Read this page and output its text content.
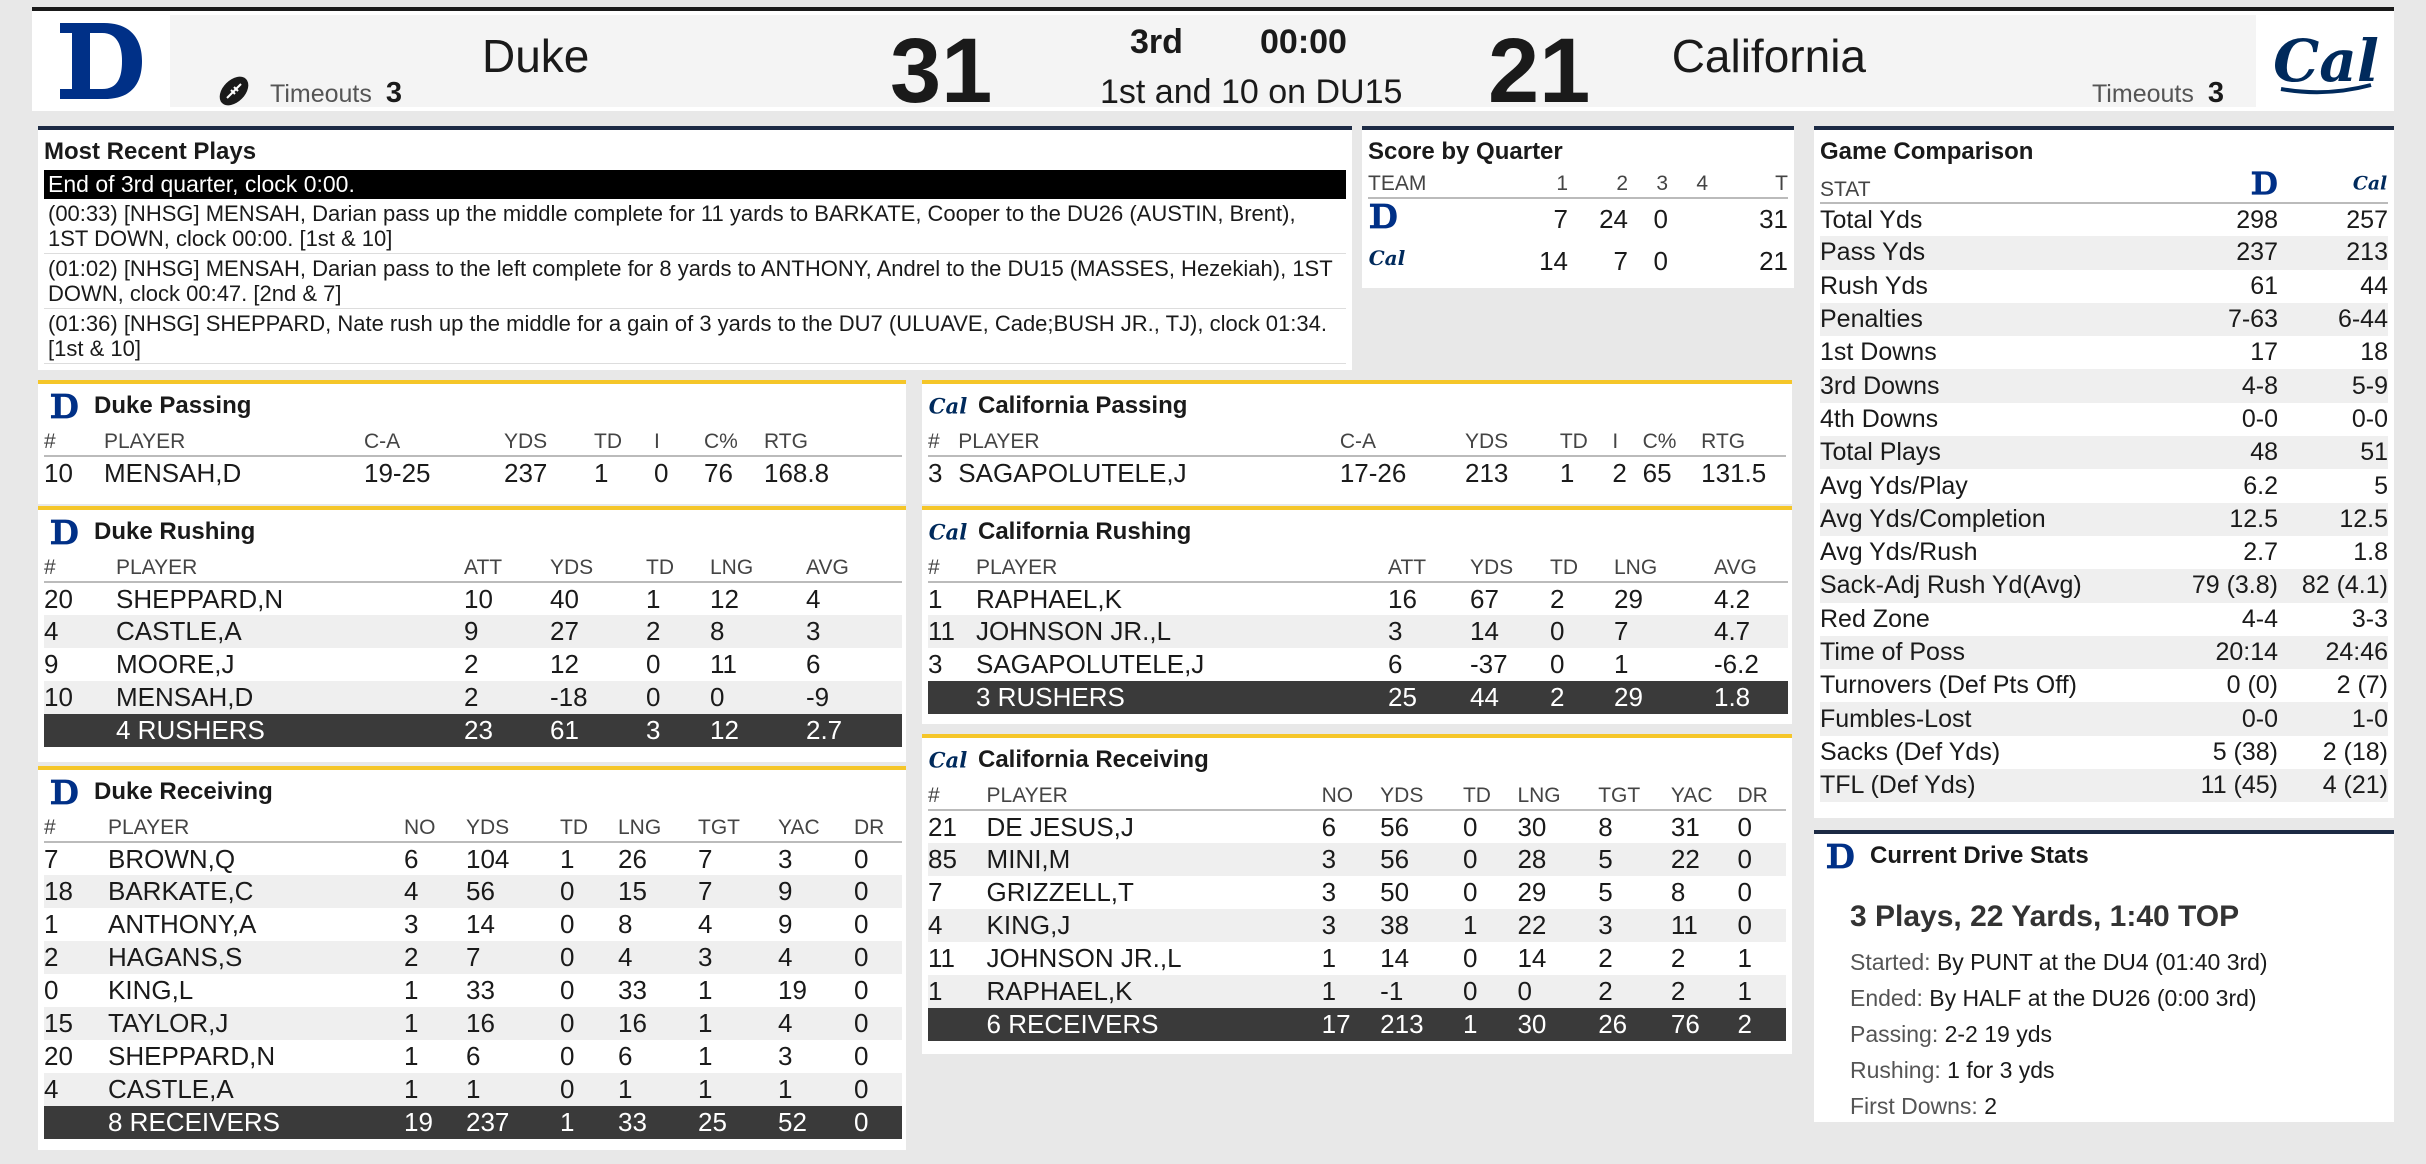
Timeouts 3
Duke	31	3rd 00:00
1st and 10 on DU15 21 California
Timeouts 3 Cal
Most Recent Plays
End of 3rd quarter, clock 0:00.
(00:33) [NHSG] MENSAH, Darian pass up the middle complete for 11 yards to BARKATE, Cooper to the DU26 (AUSTIN, Brent), 1ST DOWN, clock 00:00. [1st & 10]
(01:02) [NHSG] MENSAH, Darian pass to the left complete for 8 yards to ANTHONY, Andrel to the DU15 (MASSES, Hezekiah), 1ST DOWN, clock 00:47. [2nd & 7]
(01:36) [NHSG] SHEPPARD, Nate rush up the middle for a gain of 3 yards to the DU7 (ULUAVE, Cade;BUSH JR., TJ), clock 01:34. [1st & 10]
Score by Quarter
TEAM	1	2	3	4	T
	7	24	0		31

Cal	14	7	0		21
Game Comparison
STAT		Cal

Total Yds	298	257
Pass Yds	237	213
Rush Yds	61	44
Penalties	7-63	6-44
1st Downs	17	18
3rd Downs	4-8	5-9
4th Downs	0-0	0-0
Total Plays	48	51
Avg Yds/Play	6.2	5
Avg Yds/Completion	12.5	12.5
Avg Yds/Rush	2.7	1.8
Sack-Adj Rush Yd(Avg)	79 (3.8)	82 (4.1)
Red Zone	4-4	3-3
Time of Poss	20:14	24:46
Turnovers (Def Pts Off)	0 (0)	2 (7)
Fumbles-Lost	0-0	1-0
Sacks (Def Yds)	5 (38)	2 (18)
TFL (Def Yds)	11 (45)	4 (21)
Current Drive Stats
3 Plays, 22 Yards, 1:40 TOP
Started: By PUNT at the DU4 (01:40 3rd)
Ended: By HALF at the DU26 (0:00 3rd)
Passing: 2-2 19 yds
Rushing: 1 for 3 yds
First Downs: 2
Duke Passing
#	PLAYER	C-A	YDS	TD	I	C%	RTG
10	MENSAH,D	19-25	237	1	0	76	168.8
Duke Rushing
#	PLAYER	ATT	YDS	TD	LNG	AVG
20	SHEPPARD,N	10	40	1	12	4
4	CASTLE,A	9	27	2	8	3
9	MOORE,J	2	12	0	11	6
10	MENSAH,D	2	-18	0	0	-9
	4 RUSHERS	23	61	3	12	2.7
Duke Receiving
#	PLAYER	NO	YDS	TD	LNG	TGT	YAC	DR
7	BROWN,Q	6	104	1	26	7	3	0
18	BARKATE,C	4	56	0	15	7	9	0
1	ANTHONY,A	3	14	0	8	4	9	0
2	HAGANS,S	2	7	0	4	3	4	0
0	KING,L	1	33	0	33	1	19	0
15	TAYLOR,J	1	16	0	16	1	4	0
20	SHEPPARD,N	1	6	0	6	1	3	0
4	CASTLE,A	1	1	0	1	1	1	0
	8 RECEIVERS	19	237	1	33	25	52	0
Cal California Passing
#	PLAYER	C-A	YDS	TD	I	C%	RTG
3	SAGAPOLUTELE,J	17-26	213	1	2	65	131.5
Cal California Rushing
#	PLAYER	ATT	YDS	TD	LNG	AVG
1	RAPHAEL,K	16	67	2	29	4.2
11	JOHNSON JR.,L	3	14	0	7	4.7
3	SAGAPOLUTELE,J	6	-37	0	1	-6.2
	3 RUSHERS	25	44	2	29	1.8
Cal California Receiving
#	PLAYER	NO	YDS	TD	LNG	TGT	YAC	DR
21	DE JESUS,J	6	56	0	30	8	31	0
85	MINI,M	3	56	0	28	5	22	0
7	GRIZZELL,T	3	50	0	29	5	8	0
4	KING,J	3	38	1	22	3	11	0
11	JOHNSON JR.,L	1	14	0	14	2	2	1
1	RAPHAEL,K	1	-1	0	0	2	2	1
	6 RECEIVERS	17	213	1	30	26	76	2
